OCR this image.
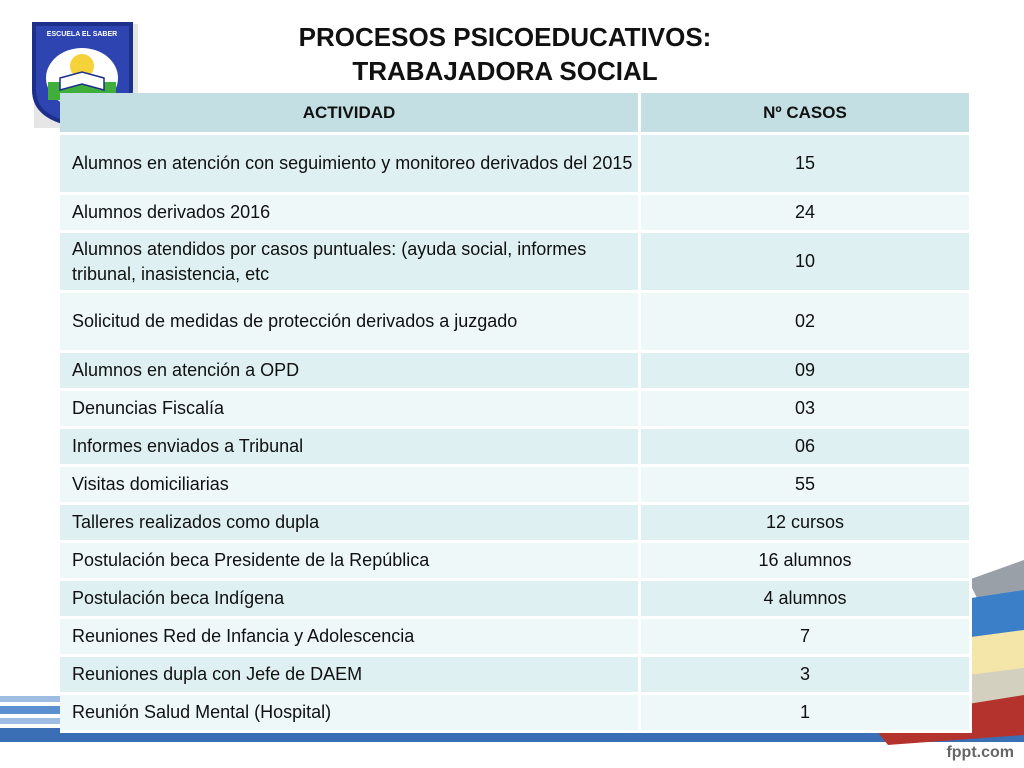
ESCUELA EL SABER	PROCESOS PSICOEDUCATIVOS:
TRABAJADORA SOCIAL
ACTIVIDAD	Nº CASOS
Alumnos en atención con seguimiento y monitoreo derivados del 2015	15
Alumnos derivados 2016	24
Alumnos atendidos por casos puntuales: (ayuda social, informes tribunal, inasistencia, etc	10
Solicitud de medidas de protección derivados a juzgado	02
Alumnos en atención a OPD	09
Denuncias Fiscalía	03
Informes enviados a Tribunal	06
Visitas domiciliarias	55
Talleres realizados como dupla	12 cursos
Postulación beca Presidente de la República	16 alumnos
Postulación beca Indígena	4 alumnos
Reuniones Red de Infancia y Adolescencia	7
Reuniones dupla con Jefe de DAEM	3
Reunión Salud Mental (Hospital)	1
fppt.com
